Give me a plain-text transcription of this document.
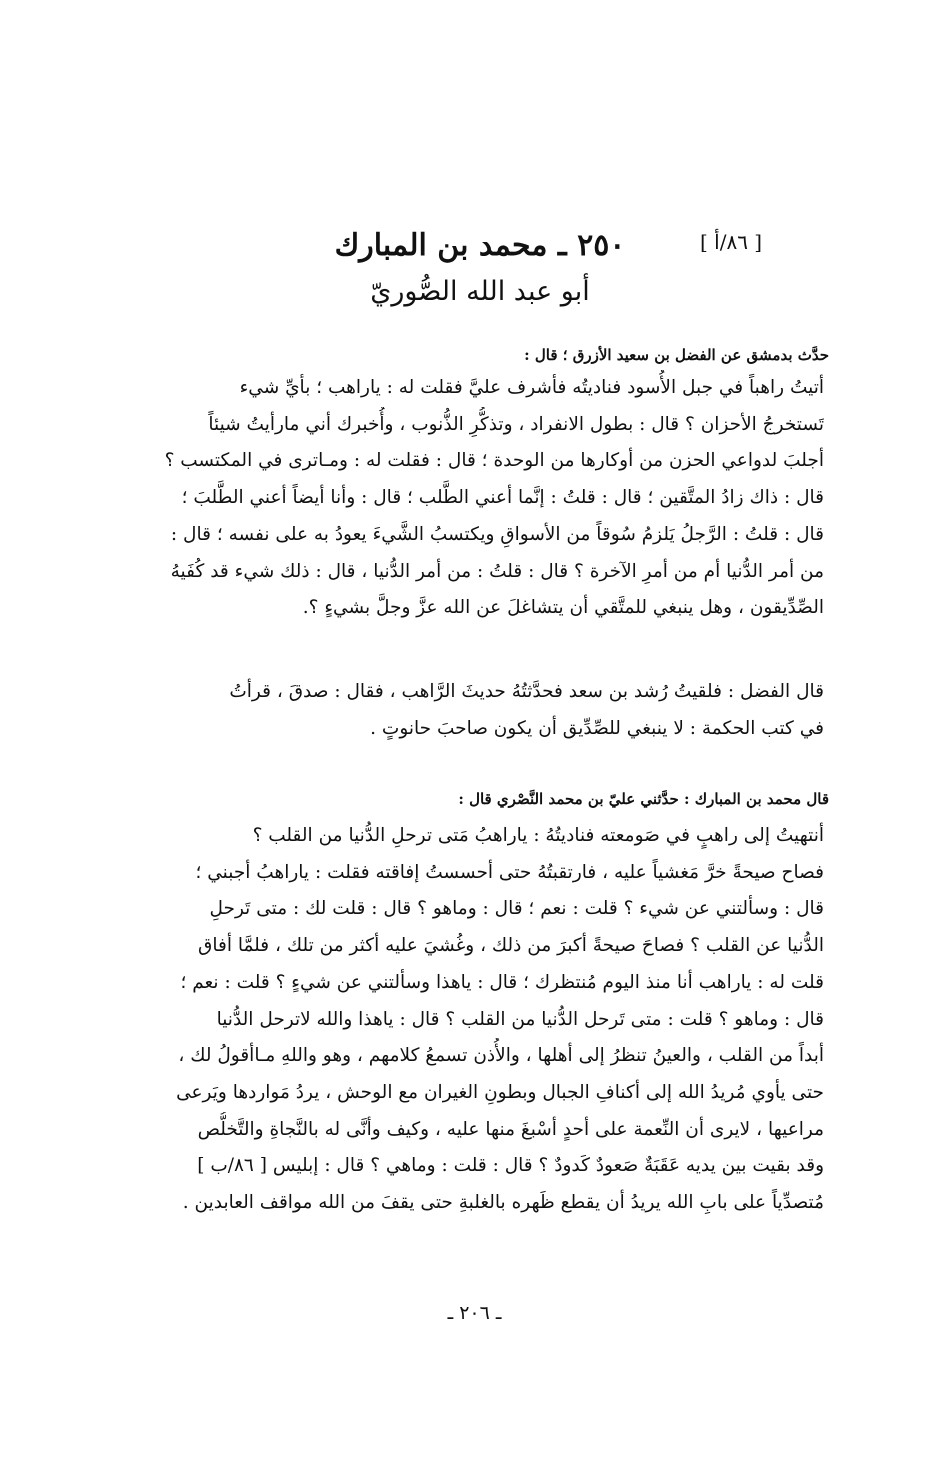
[ ٨٦/أ ]
٢٥٠ ـ محمد بن المبارك
أبو عبد الله الصُّوريّ
حدَّث بدمشق عن الفضل بن سعيد الأزرق ؛ قال :
أتيتُ راهباً في جبل الأُسود فناديتُه فأشرف عليَّ فقلت له : ياراهب ؛ بأيِّ شيء
تَستخرجُ الأحزان ؟ قال : بطول الانفراد ، وتذكُّرِ الذُّنوب ، وأُخبرك أني مارأيتُ شيئاً
أجلبَ لدواعي الحزن من أوكارها من الوحدة ؛ قال : فقلت له : ومـاترى في المكتسب ؟
قال : ذاك زادُ المتَّقين ؛ قال : قلتُ : إنَّما أعني الطَّلب ؛ قال : وأنا أيضاً أعني الطَّلبَ ؛
قال : قلتُ : الرَّجلُ يَلزمُ سُوقاً من الأسواقِ ويكتسبُ الشَّيءَ يعودُ به على نفسه ؛ قال :
من أمر الدُّنيا أم من أمرِ الآخرة ؟ قال : قلتُ : من أمر الدُّنيا ، قال : ذلك شيء قد كُفَيهُ
الصِّدِّيقون ، وهل ينبغي للمتَّقي أن يتشاغلَ عن الله عزَّ وجلَّ بشيءٍ ؟.
قال الفضل : فلقيتُ رُشد بن سعد فحدَّثتُهُ حديثَ الرَّاهب ، فقال : صدقَ ، قرأتُ
في كتب الحكمة : لا ينبغي للصِّدِّيق أن يكون صاحبَ حانوتٍ .
قال محمد بن المبارك : حدَّثني عليّ بن محمد النَّصْري قال :
أنتهيتُ إلى راهبٍ في صَومعته فناديتُهُ : ياراهبُ مَتى ترحلِ الدُّنيا من القلب ؟
فصاح صيحةً خرَّ مَغشياً عليه ، فارتقبتُهُ حتى أحسستُ إفاقته فقلت : ياراهبُ أجبني ؛
قال : وسألتني عن شيء ؟ قلت : نعم ؛ قال : وماهو ؟ قال : قلت لك : متى تَرحلِ
الدُّنيا عن القلب ؟ فصاحَ صيحةً أكبرَ من ذلك ، وغُشيَ عليه أكثر من تلك ، فلمَّا أفاق
قلت له : ياراهب أنا منذ اليوم مُنتظرك ؛ قال : ياهذا وسألتني عن شيءٍ ؟ قلت : نعم ؛
قال : وماهو ؟ قلت : متى تَرحل الدُّنيا من القلب ؟ قال : ياهذا والله لاترحل الدُّنيا
أبداً من القلب ، والعينُ تنظرُ إلى أهلها ، والأُذن تسمعُ كلامهم ، وهو واللهِ مـاأقولُ لك ،
حتى يأوي مُريدُ الله إلى أكنافِ الجبال وبطونِ الغيران مع الوحش ، يردُ مَواردها ويَرعى
مراعيها ، لايرى أن النِّعمة على أحدٍ أسْبغَ منها عليه ، وكيف وأنَّى له بالنَّجاةِ والتَّخلُّص
وقد بقيت بين يديه عَقَبَةٌ صَعودٌ كَدودٌ ؟ قال : قلت : وماهي ؟ قال : إبليس [ ٨٦/ب ]
مُتصدِّياً على بابِ الله يريدُ أن يقطع ظَهره بالغلبةِ حتى يقفَ من الله مواقف العابدين .
ـ ٢٠٦ ـ
